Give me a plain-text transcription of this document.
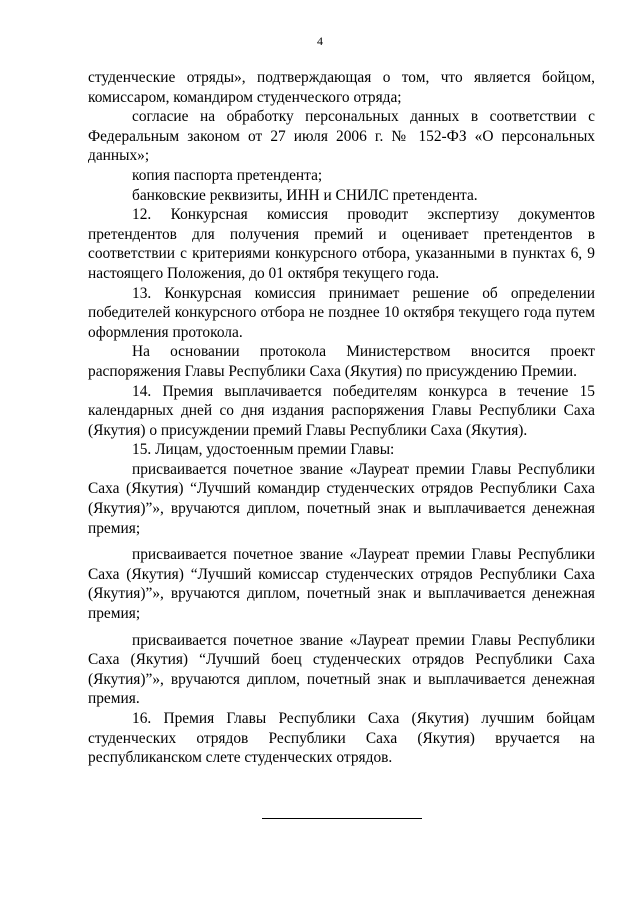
4

студенческие отряды», подтверждающая о том, что является бойцом, комиссаром, командиром студенческого отряда;

согласие на обработку персональных данных в соответствии с Федеральным законом от 27 июля 2006 г. № 152-ФЗ «О персональных данных»;

копия паспорта претендента;

банковские реквизиты, ИНН и СНИЛС претендента.

12. Конкурсная комиссия проводит экспертизу документов претендентов для получения премий и оценивает претендентов в соответствии с критериями конкурсного отбора, указанными в пунктах 6, 9 настоящего Положения, до 01 октября текущего года.

13. Конкурсная комиссия принимает решение об определении победителей конкурсного отбора не позднее 10 октября текущего года путем оформления протокола.

На основании протокола Министерством вносится проект распоряжения Главы Республики Саха (Якутия) по присуждению Премии.

14. Премия выплачивается победителям конкурса в течение 15 календарных дней со дня издания распоряжения Главы Республики Саха (Якутия) о присуждении премий Главы Республики Саха (Якутия).

15. Лицам, удостоенным премии Главы:

присваивается почетное звание «Лауреат премии Главы Республики Саха (Якутия) “Лучший командир студенческих отрядов Республики Саха (Якутия)”», вручаются диплом, почетный знак и выплачивается денежная премия;

присваивается почетное звание «Лауреат премии Главы Республики Саха (Якутия) “Лучший комиссар студенческих отрядов Республики Саха (Якутия)”», вручаются диплом, почетный знак и выплачивается денежная премия;

присваивается почетное звание «Лауреат премии Главы Республики Саха (Якутия) “Лучший боец студенческих отрядов Республики Саха (Якутия)”», вручаются диплом, почетный знак и выплачивается денежная премия.

16. Премия Главы Республики Саха (Якутия) лучшим бойцам студенческих отрядов Республики Саха (Якутия) вручается на республиканском слете студенческих отрядов.
